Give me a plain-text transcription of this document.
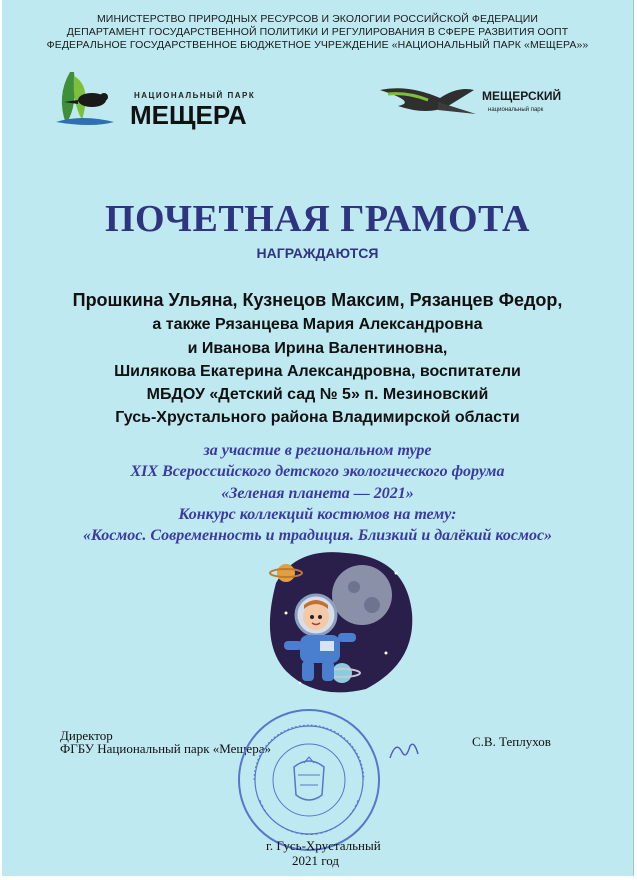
МИНИСТЕРСТВО ПРИРОДНЫХ РЕСУРСОВ И ЭКОЛОГИИ РОССИЙСКОЙ ФЕДЕРАЦИИ
ДЕПАРТАМЕНТ ГОСУДАРСТВЕННОЙ ПОЛИТИКИ И РЕГУЛИРОВАНИЯ В СФЕРЕ РАЗВИТИЯ ООПТ
ФЕДЕРАЛЬНОЕ ГОСУДАРСТВЕННОЕ БЮДЖЕТНОЕ УЧРЕЖДЕНИЕ «НАЦИОНАЛЬНЫЙ ПАРК «МЕЩЕРА»»
НАЦИОНАЛЬНЫЙ ПАРК
МЕЩЕРА
МЕЩЕРСКИЙ
национальный парк
ПОЧЕТНАЯ ГРАМОТА
НАГРАЖДАЮТСЯ
Прошкина Ульяна, Кузнецов Максим, Рязанцев Федор,
а также Рязанцева Мария Александровна
и Иванова Ирина Валентиновна,
Шилякова Екатерина Александровна, воспитатели
МБДОУ «Детский сад № 5» п. Мезиновский
Гусь-Хрустального района Владимирской области
за участие в региональном туре
XIX Всероссийского детского экологического форума
«Зеленая планета — 2021»
Конкурс коллекций костюмов на тему:
«Космос. Современность и традиция. Близкий и далёкий космос»
Директор
ФГБУ Национальный парк «Мещера»	С.В. Теплухов
г. Гусь-Хрустальный
2021 год
